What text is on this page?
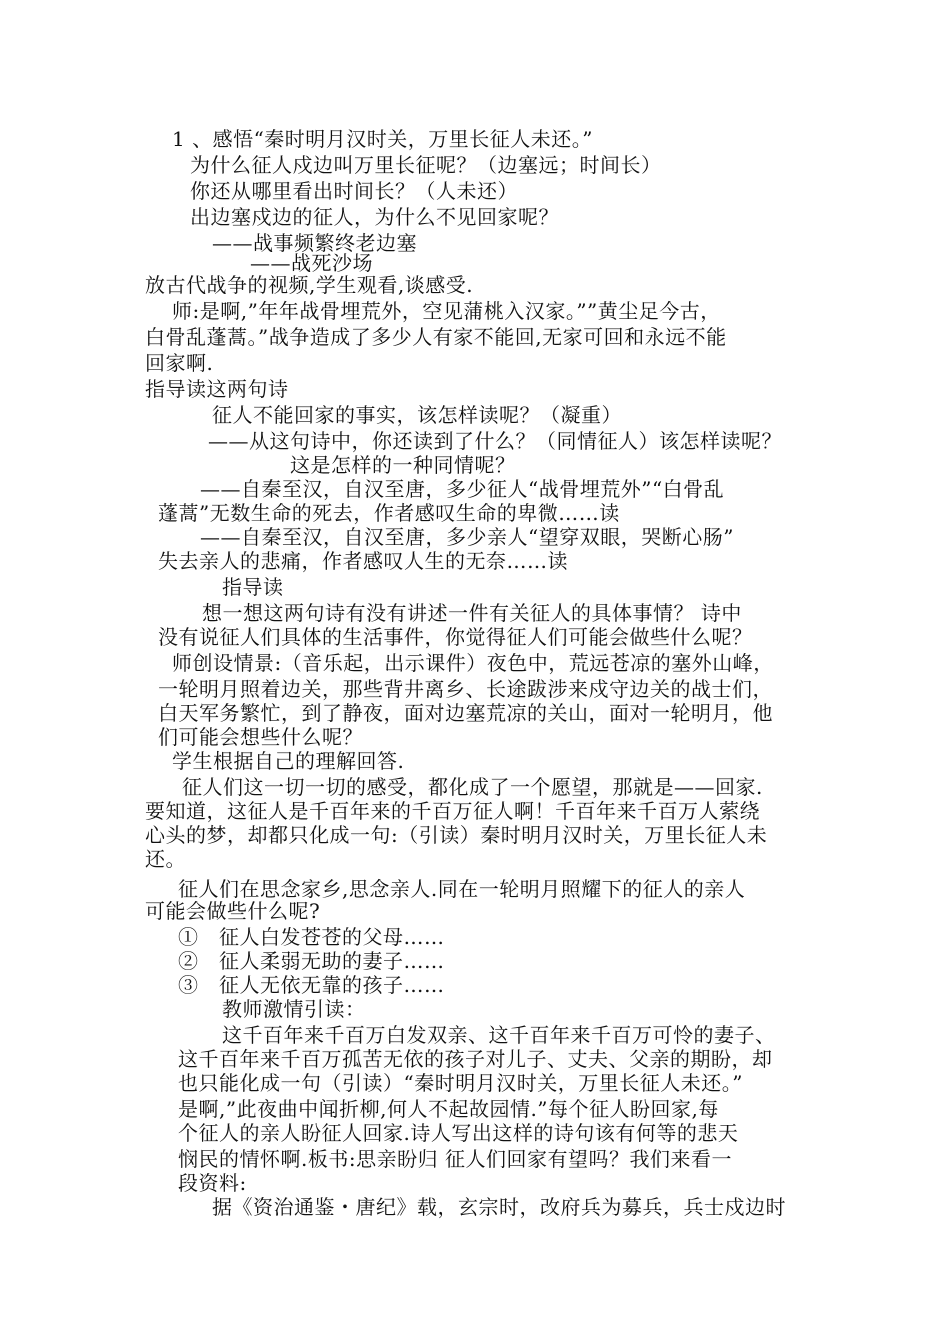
1 、感悟“秦时明月汉时关，万里长征人未还。”
为什么征人戍边叫万里长征呢？（边塞远；时间长）
你还从哪里看出时间长？（人未还）
出边塞戍边的征人，为什么不见回家呢？
——战事频繁终老边塞
——战死沙场
放古代战争的视频,学生观看,谈感受.
师:是啊,”年年战骨埋荒外，空见蒲桃入汉家。””黄尘足今古，
白骨乱蓬蒿。”战争造成了多少人有家不能回,无家可回和永远不能
回家啊.
指导读这两句诗
征人不能回家的事实，该怎样读呢？（凝重）
——从这句诗中，你还读到了什么？（同情征人）该怎样读呢？
这是怎样的一种同情呢？
——自秦至汉，自汉至唐，多少征人“战骨埋荒外”“白骨乱
蓬蒿”无数生命的死去，作者感叹生命的卑微……读
——自秦至汉，自汉至唐，多少亲人“望穿双眼，哭断心肠”
失去亲人的悲痛，作者感叹人生的无奈……读
指导读
想一想这两句诗有没有讲述一件有关征人的具体事情？ 诗中
没有说征人们具体的生活事件，你觉得征人们可能会做些什么呢？
师创设情景:（音乐起，出示课件）夜色中，荒远苍凉的塞外山峰，
一轮明月照着边关，那些背井离乡、长途跋涉来戍守边关的战士们，
白天军务繁忙，到了静夜，面对边塞荒凉的关山，面对一轮明月，他
们可能会想些什么呢？
学生根据自己的理解回答.
征人们这一切一切的感受，都化成了一个愿望，那就是——回家.
要知道，这征人是千百年来的千百万征人啊！千百年来千百万人萦绕
心头的梦，却都只化成一句:（引读）秦时明月汉时关，万里长征人未
还。
征人们在思念家乡,思念亲人.同在一轮明月照耀下的征人的亲人
可能会做些什么呢?
①　征人白发苍苍的父母……
②　征人柔弱无助的妻子……
③　征人无依无靠的孩子……
教师激情引读：
这千百年来千百万白发双亲、这千百年来千百万可怜的妻子、
这千百年来千百万孤苦无依的孩子对儿子、丈夫、父亲的期盼，却
也只能化成一句（引读）“秦时明月汉时关，万里长征人未还。”
是啊,”此夜曲中闻折柳,何人不起故园情.”每个征人盼回家,每
个征人的亲人盼征人回家.诗人写出这样的诗句该有何等的悲天
悯民的情怀啊.板书:思亲盼归 征人们回家有望吗？我们来看一
段资料:
据《资治通鉴・唐纪》载，玄宗时，改府兵为募兵，兵士戍边时
